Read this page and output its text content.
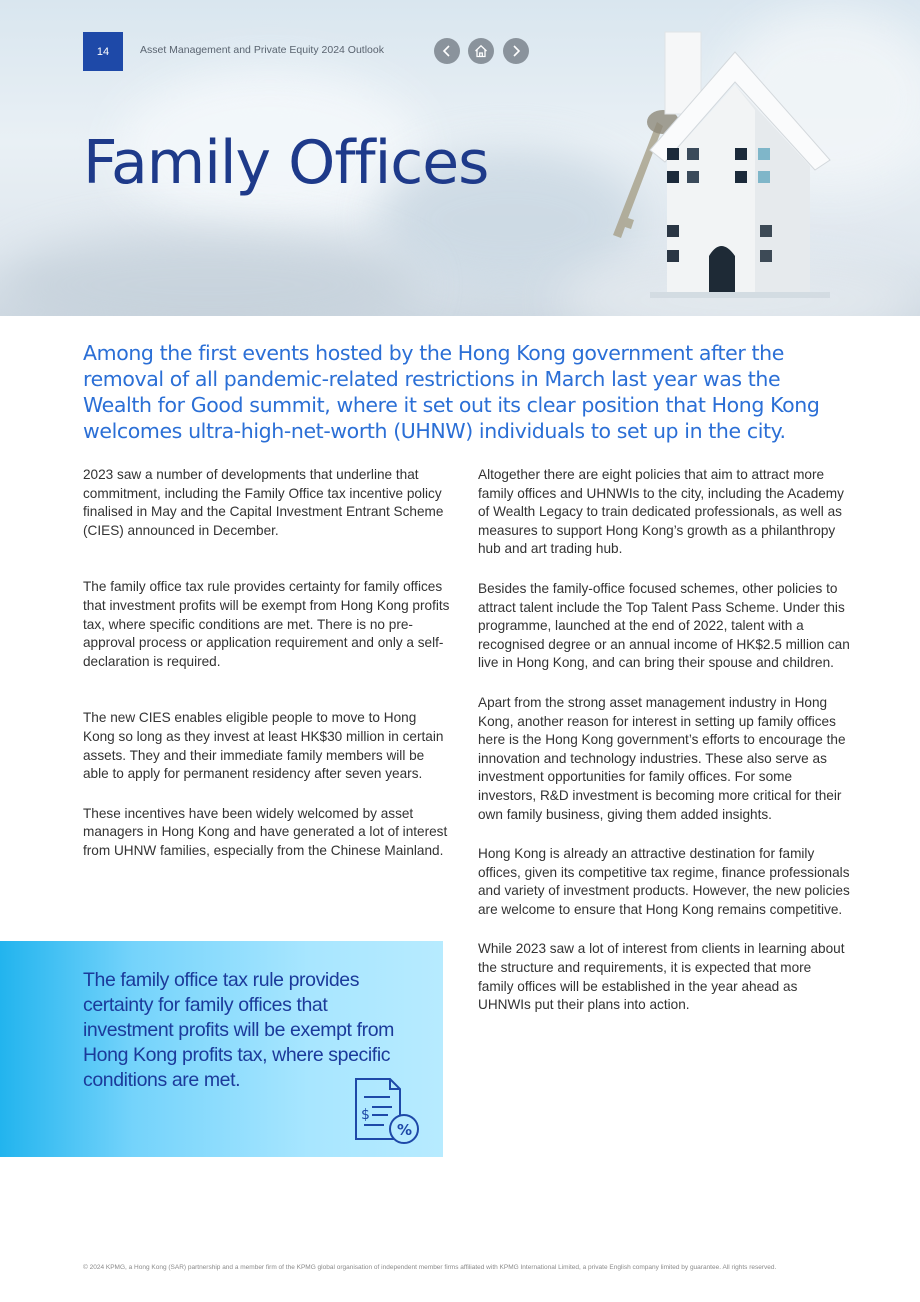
14	Asset Management and Private Equity 2024 Outlook
Family Offices

Among the first events hosted by the Hong Kong government after the removal of all pandemic-related restrictions in March last year was the Wealth for Good summit, where it set out its clear position that Hong Kong welcomes ultra-high-net-worth (UHNW) individuals to set up in the city.

2023 saw a number of developments that underline that commitment, including the Family Office tax incentive policy finalised in May and the Capital Investment Entrant Scheme (CIES) announced in December.

The family office tax rule provides certainty for family offices that investment profits will be exempt from Hong Kong profits tax, where specific conditions are met. There is no pre-approval process or application requirement and only a self-declaration is required.

The new CIES enables eligible people to move to Hong Kong so long as they invest at least HK$30 million in certain assets. They and their immediate family members will be able to apply for permanent residency after seven years.

These incentives have been widely welcomed by asset managers in Hong Kong and have generated a lot of interest from UHNW families, especially from the Chinese Mainland.

Altogether there are eight policies that aim to attract more family offices and UHNWIs to the city, including the Academy of Wealth Legacy to train dedicated professionals, as well as measures to support Hong Kong’s growth as a philanthropy hub and art trading hub.

Besides the family-office focused schemes, other policies to attract talent include the Top Talent Pass Scheme. Under this programme, launched at the end of 2022, talent with a recognised degree or an annual income of HK$2.5 million can live in Hong Kong, and can bring their spouse and children.

Apart from the strong asset management industry in Hong Kong, another reason for interest in setting up family offices here is the Hong Kong government’s efforts to encourage the innovation and technology industries. These also serve as investment opportunities for family offices. For some investors, R&D investment is becoming more critical for their own family business, giving them added insights.

Hong Kong is already an attractive destination for family offices, given its competitive tax regime, finance professionals and variety of investment products. However, the new policies are welcome to ensure that Hong Kong remains competitive.

While 2023 saw a lot of interest from clients in learning about the structure and requirements, it is expected that more family offices will be established in the year ahead as UHNWIs put their plans into action.

The family office tax rule provides certainty for family offices that investment profits will be exempt from Hong Kong profits tax, where specific conditions are met.

$
%

© 2024 KPMG, a Hong Kong (SAR) partnership and a member firm of the KPMG global organisation of independent member firms affiliated with KPMG International Limited, a private English company limited by guarantee. All rights reserved.
